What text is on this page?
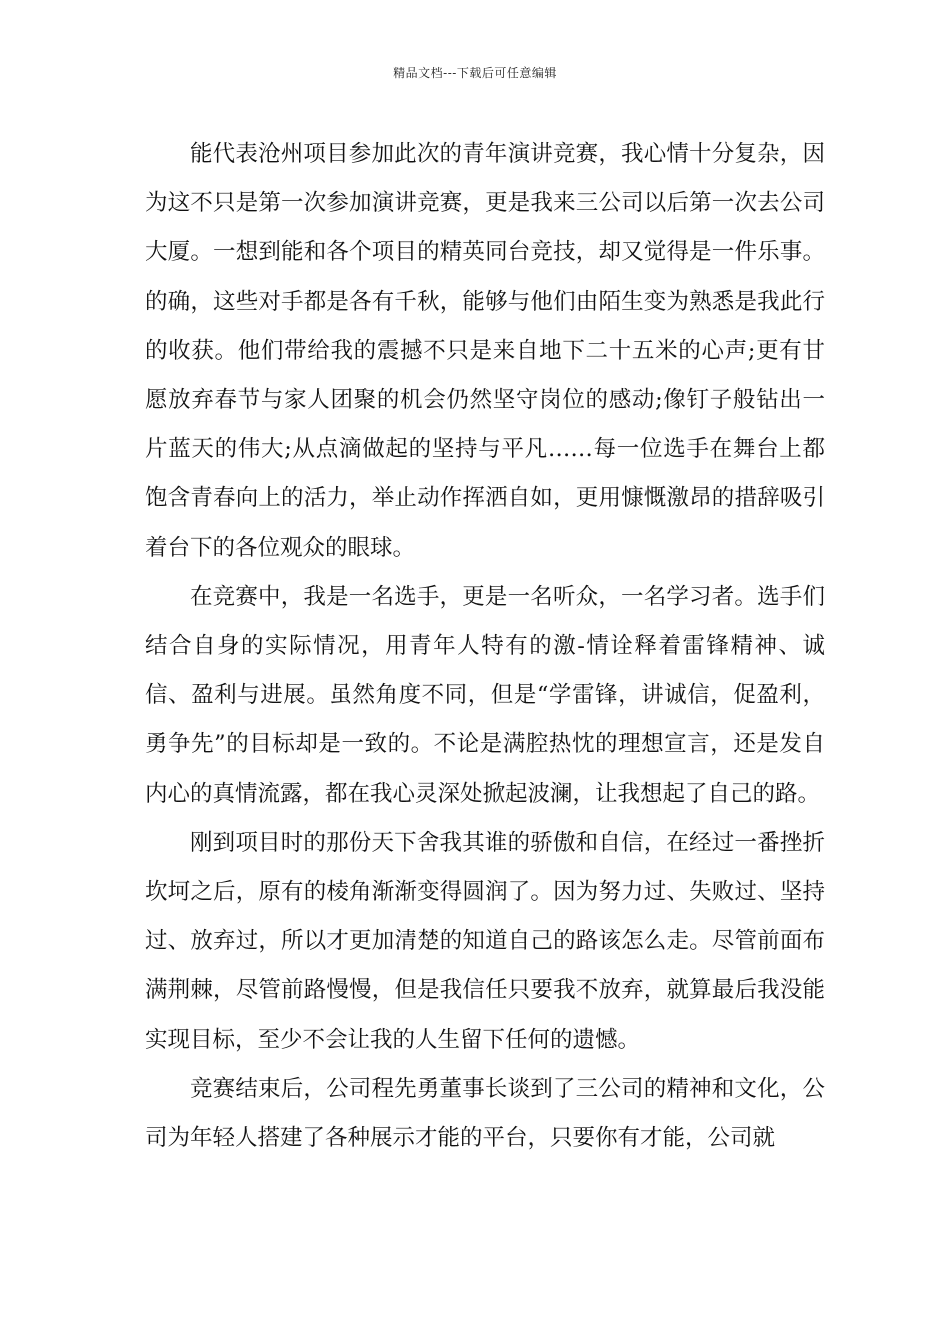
精品文档---下载后可任意编辑

能代表沧州项目参加此次的青年演讲竞赛，我心情十分复杂，因为这不只是第一次参加演讲竞赛，更是我来三公司以后第一次去公司大厦。一想到能和各个项目的精英同台竞技，却又觉得是一件乐事。的确，这些对手都是各有千秋，能够与他们由陌生变为熟悉是我此行的收获。他们带给我的震撼不只是来自地下二十五米的心声;更有甘愿放弃春节与家人团聚的机会仍然坚守岗位的感动;像钉子般钻出一片蓝天的伟大;从点滴做起的坚持与平凡……每一位选手在舞台上都饱含青春向上的活力，举止动作挥洒自如，更用慷慨激昂的措辞吸引着台下的各位观众的眼球。

在竞赛中，我是一名选手，更是一名听众，一名学习者。选手们结合自身的实际情况，用青年人特有的激-情诠释着雷锋精神、诚信、盈利与进展。虽然角度不同，但是“学雷锋，讲诚信，促盈利，勇争先”的目标却是一致的。不论是满腔热忱的理想宣言，还是发自内心的真情流露，都在我心灵深处掀起波澜，让我想起了自己的路。

刚到项目时的那份天下舍我其谁的骄傲和自信，在经过一番挫折坎坷之后，原有的棱角渐渐变得圆润了。因为努力过、失败过、坚持过、放弃过，所以才更加清楚的知道自己的路该怎么走。尽管前面布满荆棘，尽管前路慢慢，但是我信任只要我不放弃，就算最后我没能实现目标，至少不会让我的人生留下任何的遗憾。

竞赛结束后，公司程先勇董事长谈到了三公司的精神和文化，公司为年轻人搭建了各种展示才能的平台，只要你有才能，公司就
